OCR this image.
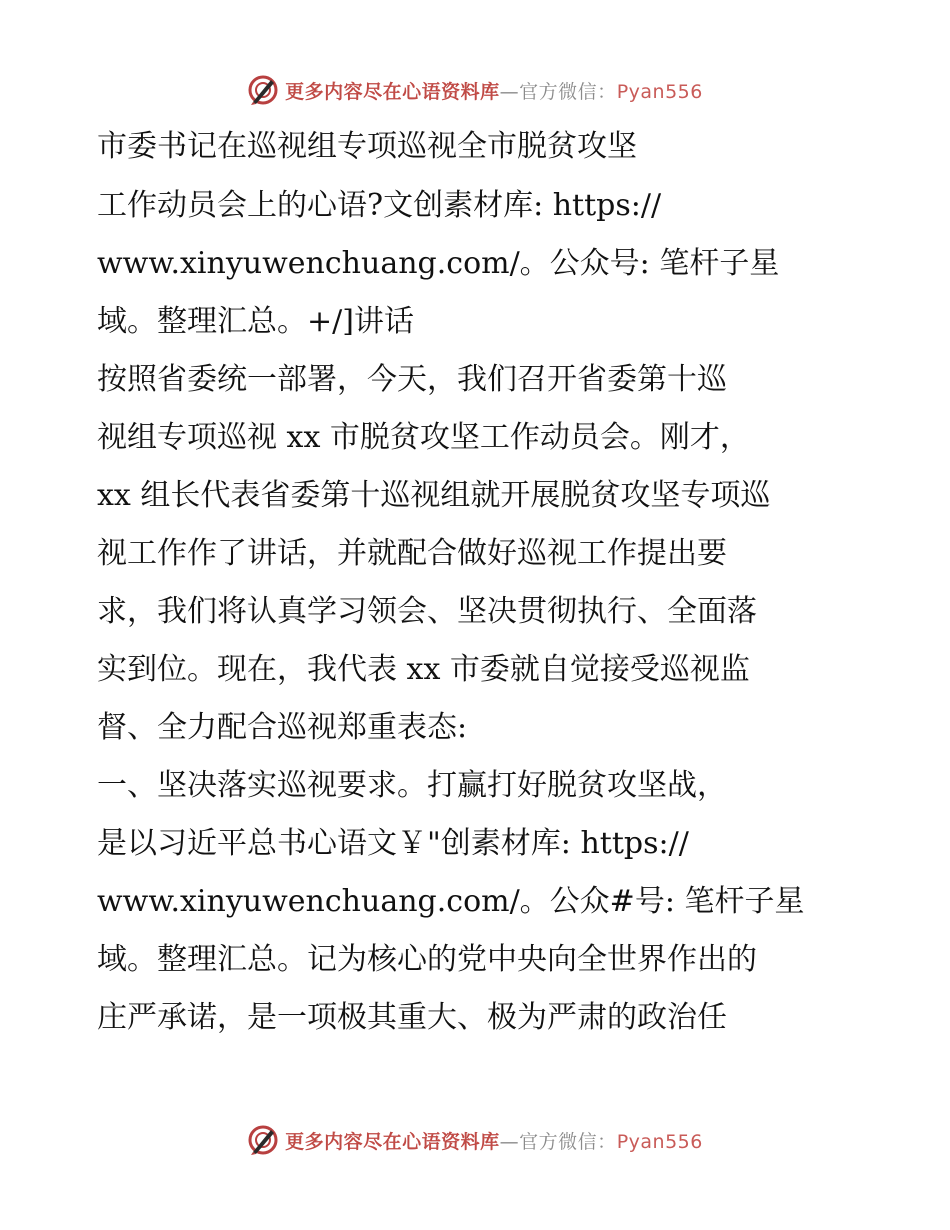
更多内容尽在心语资料库—官方微信：Pyan556

市委书记在巡视组专项巡视全市脱贫攻坚

工作动员会上的心语?文创素材库: https://
www.xinyuwenchuang.com/。公众号: 笔杆子星
域。整理汇总。+/]讲话

按照省委统一部署，今天，我们召开省委第十巡
视组专项巡视 xx 市脱贫攻坚工作动员会。刚才，
xx 组长代表省委第十巡视组就开展脱贫攻坚专项巡
视工作作了讲话，并就配合做好巡视工作提出要
求，我们将认真学习领会、坚决贯彻执行、全面落
实到位。现在，我代表 xx 市委就自觉接受巡视监
督、全力配合巡视郑重表态:

一、坚决落实巡视要求。打赢打好脱贫攻坚战，
是以习近平总书心语文￥"创素材库: https://
www.xinyuwenchuang.com/。公众#号: 笔杆子星
域。整理汇总。记为核心的党中央向全世界作出的
庄严承诺，是一项极其重大、极为严肃的政治任

更多内容尽在心语资料库—官方微信：Pyan556
